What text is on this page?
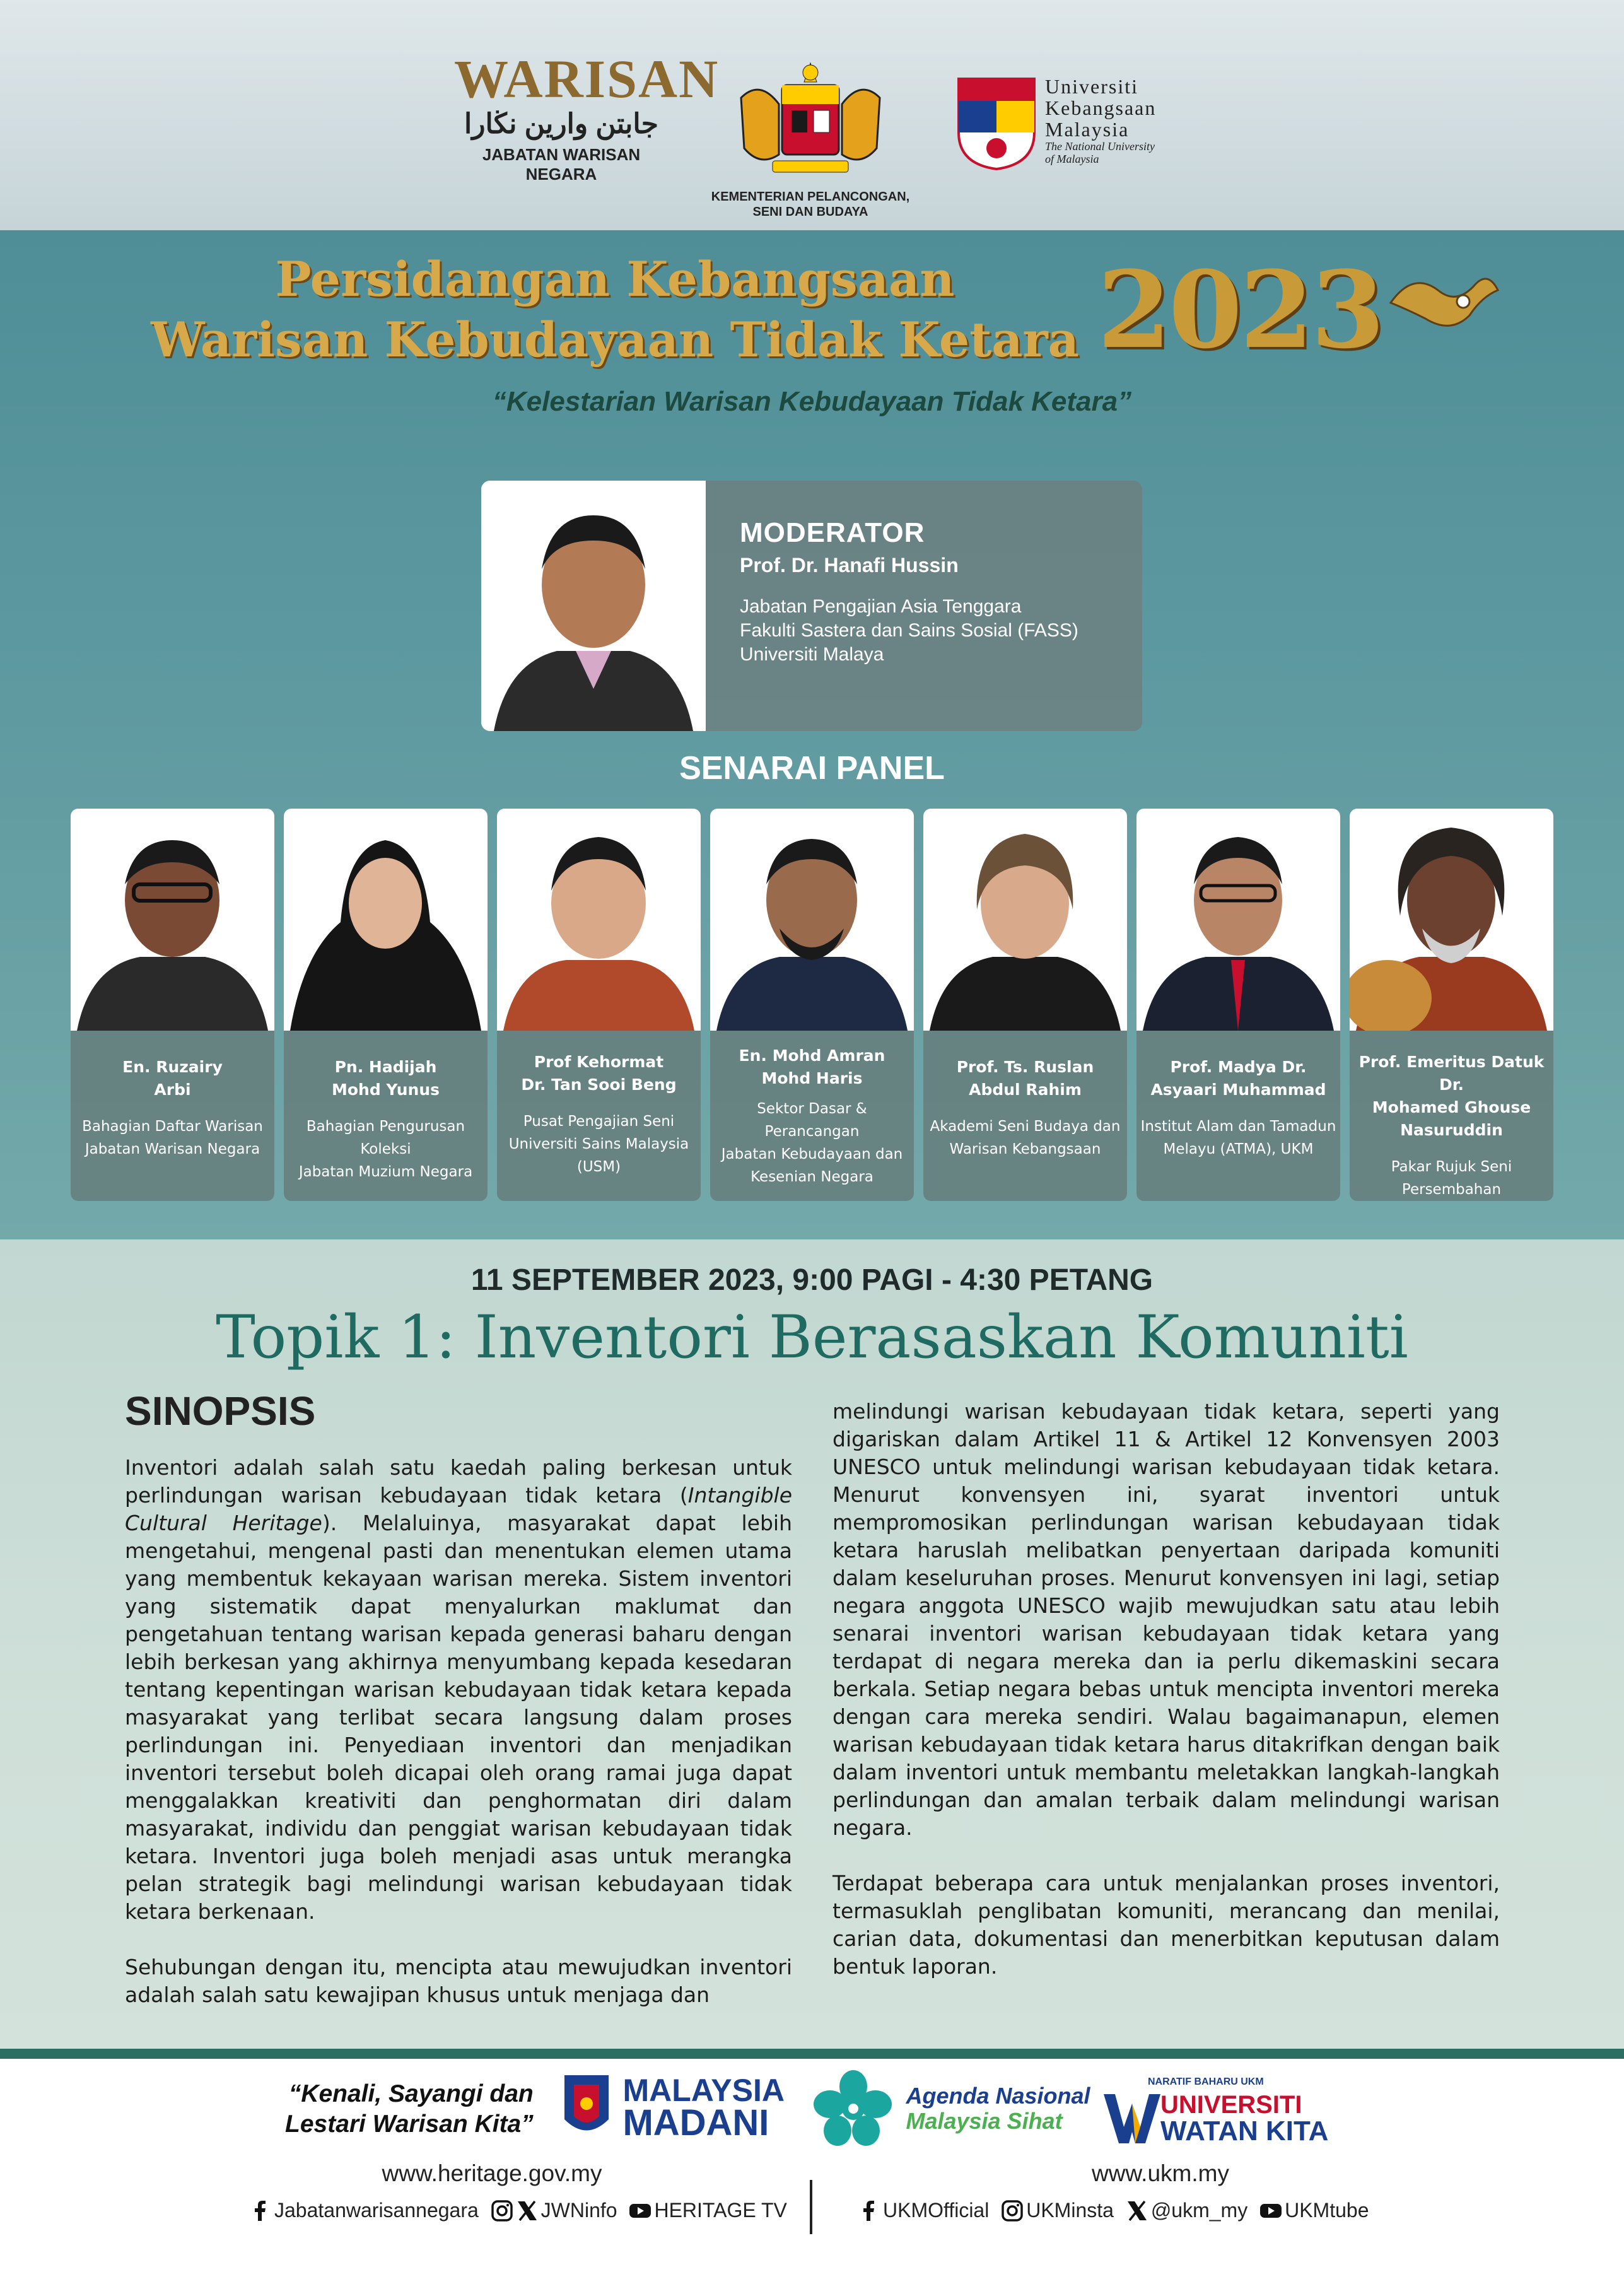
WARISAN
جابتن وارين نڬارا
JABATAN WARISAN NEGARA
KEMENTERIAN PELANCONGAN,
SENI DAN BUDAYA
Universiti
Kebangsaan
Malaysia
The National University
of Malaysia
Persidangan Kebangsaan
Warisan Kebudayaan Tidak Ketara 2023
“Kelestarian Warisan Kebudayaan Tidak Ketara”
MODERATOR
Prof. Dr. Hanafi Hussin
Jabatan Pengajian Asia Tenggara
Fakulti Sastera dan Sains Sosial (FASS)
Universiti Malaya
SENARAI PANEL
En. Ruzairy
Arbi
Bahagian Daftar Warisan
Jabatan Warisan Negara
Pn. Hadijah
Mohd Yunus
Bahagian Pengurusan Koleksi
Jabatan Muzium Negara
Prof Kehormat
Dr. Tan Sooi Beng
Pusat Pengajian Seni
Universiti Sains Malaysia
(USM)
En. Mohd Amran
Mohd Haris
Sektor Dasar & Perancangan
Jabatan Kebudayaan dan
Kesenian Negara
Prof. Ts. Ruslan
Abdul Rahim
Akademi Seni Budaya dan
Warisan Kebangsaan
Prof. Madya Dr.
Asyaari Muhammad
Institut Alam dan Tamadun
Melayu (ATMA), UKM
Prof. Emeritus Datuk Dr.
Mohamed Ghouse
Nasuruddin
Pakar Rujuk Seni
Persembahan
11 SEPTEMBER 2023, 9:00 PAGI - 4:30 PETANG
Topik 1: Inventori Berasaskan Komuniti
SINOPSIS

Inventori adalah salah satu kaedah paling berkesan untuk perlindungan warisan kebudayaan tidak ketara (Intangible Cultural Heritage). Melaluinya, masyarakat dapat lebih mengetahui, mengenal pasti dan menentukan elemen utama yang membentuk kekayaan warisan mereka. Sistem inventori yang sistematik dapat menyalurkan maklumat dan pengetahuan tentang warisan kepada generasi baharu dengan lebih berkesan yang akhirnya menyumbang kepada kesedaran tentang kepentingan warisan kebudayaan tidak ketara kepada masyarakat yang terlibat secara langsung dalam proses perlindungan ini. Penyediaan inventori dan menjadikan inventori tersebut boleh dicapai oleh orang ramai juga dapat menggalakkan kreativiti dan penghormatan diri dalam masyarakat, individu dan penggiat warisan kebudayaan tidak ketara. Inventori juga boleh menjadi asas untuk merangka pelan strategik bagi melindungi warisan kebudayaan tidak ketara berkenaan.

Sehubungan dengan itu, mencipta atau mewujudkan inventori adalah salah satu kewajipan khusus untuk menjaga dan

melindungi warisan kebudayaan tidak ketara, seperti yang digariskan dalam Artikel 11 & Artikel 12 Konvensyen 2003 UNESCO untuk melindungi warisan kebudayaan tidak ketara. Menurut konvensyen ini, syarat inventori untuk mempromosikan perlindungan warisan kebudayaan tidak ketara haruslah melibatkan penyertaan daripada komuniti dalam keseluruhan proses. Menurut konvensyen ini lagi, setiap negara anggota UNESCO wajib mewujudkan satu atau lebih senarai inventori warisan kebudayaan tidak ketara yang terdapat di negara mereka dan ia perlu dikemaskini secara berkala. Setiap negara bebas untuk mencipta inventori mereka dengan cara mereka sendiri. Walau bagaimanapun, elemen warisan kebudayaan tidak ketara harus ditakrifkan dengan baik dalam inventori untuk membantu meletakkan langkah-langkah perlindungan dan amalan terbaik dalam melindungi warisan negara.

Terdapat beberapa cara untuk menjalankan proses inventori, termasuklah penglibatan komuniti, merancang dan menilai, carian data, dokumentasi dan menerbitkan keputusan dalam bentuk laporan.

“Kenali, Sayangi dan
Lestari Warisan Kita”

MALAYSIA
MADANI

Agenda Nasional
Malaysia Sihat
NARATIF BAHARU UKM
UNIVERSITI
WATAN KITA
www.heritage.gov.my	www.ukm.my
Jabatanwarisannegara
	JWNinfo
HERITAGE TV	UKMOfficial
UKMinsta
@ukm_my
UKMtube
